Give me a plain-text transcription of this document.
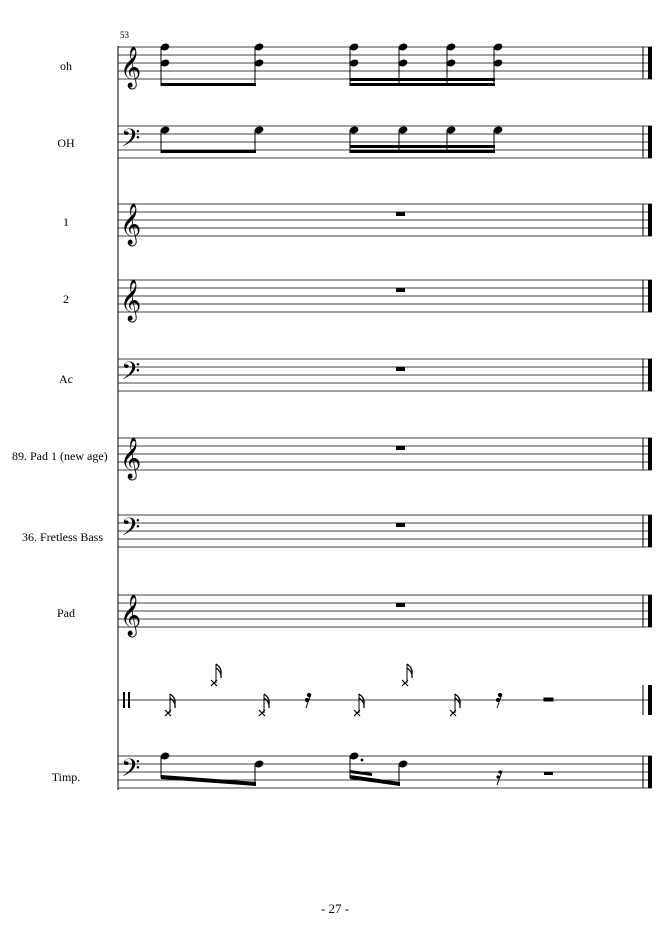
53
oh
OH
1
2
Ac
89. Pad 1 (new age)
36. Fretless Bass
Pad
Timp.
𝄞
𝄢
𝄞
𝄞
𝄢
𝄞
𝄢
𝄞
𝄢
- 27 -
